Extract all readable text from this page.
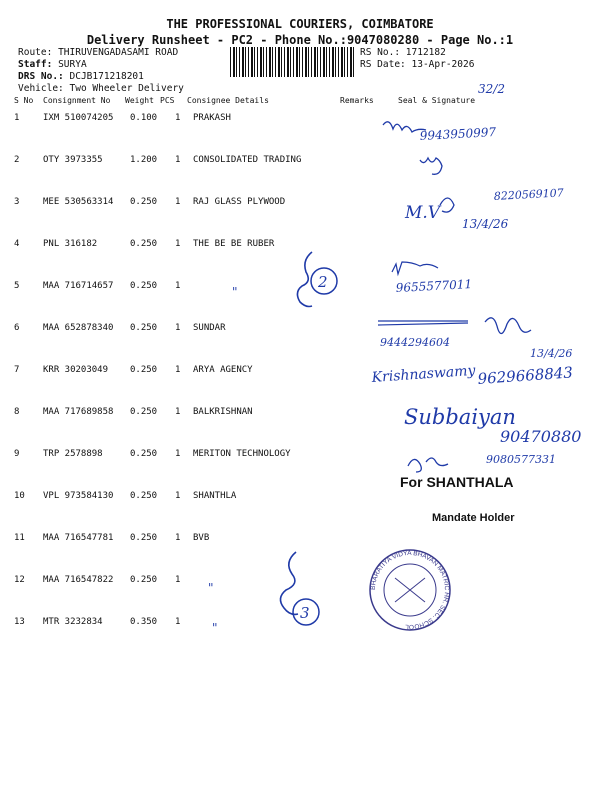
THE PROFESSIONAL COURIERS, COIMBATORE
Delivery Runsheet - PC2 - Phone No.:9047080280 - Page No.:1
Route: THIRUVENGADASAMI ROAD
Staff: SURYA
DRS No.: DCJB171218201
Vehicle: Two Wheeler Delivery
RS No.: 1712182
RS Date: 13-Apr-2026
S No Consignment No Weight PCS Consignee Details	Remarks	Seal & Signature
1	IXM 510074205 0.100 1 PRAKASH
2	OTY 3973355	1.200 1 CONSOLIDATED TRADING
3	MEE 530563314 0.250 1 RAJ GLASS PLYWOOD
4	PNL 316182	0.250 1 THE BE BE RUBER
5	MAA 716714657 0.250 1
6	MAA 652878340 0.250 1 SUNDAR
7	KRR 30203049 0.250 1 ARYA AGENCY
8	MAA 717689858 0.250 1 BALKRISHNAN
9	TRP 2578898	0.250 1 MERITON TECHNOLOGY
10 VPL 973584130 0.250 1 SHANTHLA
11 MAA 716547781 0.250 1 BVB
12 MAA 716547822 0.250 1
13 MTR 3232834	0.350 1
32/2
9943950997
M.V
8220569107
13/4/26
9655577011
"
2
9444294604
13/4/26
Krishnaswamy 9629668843
Subbaiyan
90470880
9080577331
For SHANTHALA
Mandate Holder
3
"
"
BHARATIYA VIDYA BHAVAN MATRIC HR. SEC. SCHOOL
